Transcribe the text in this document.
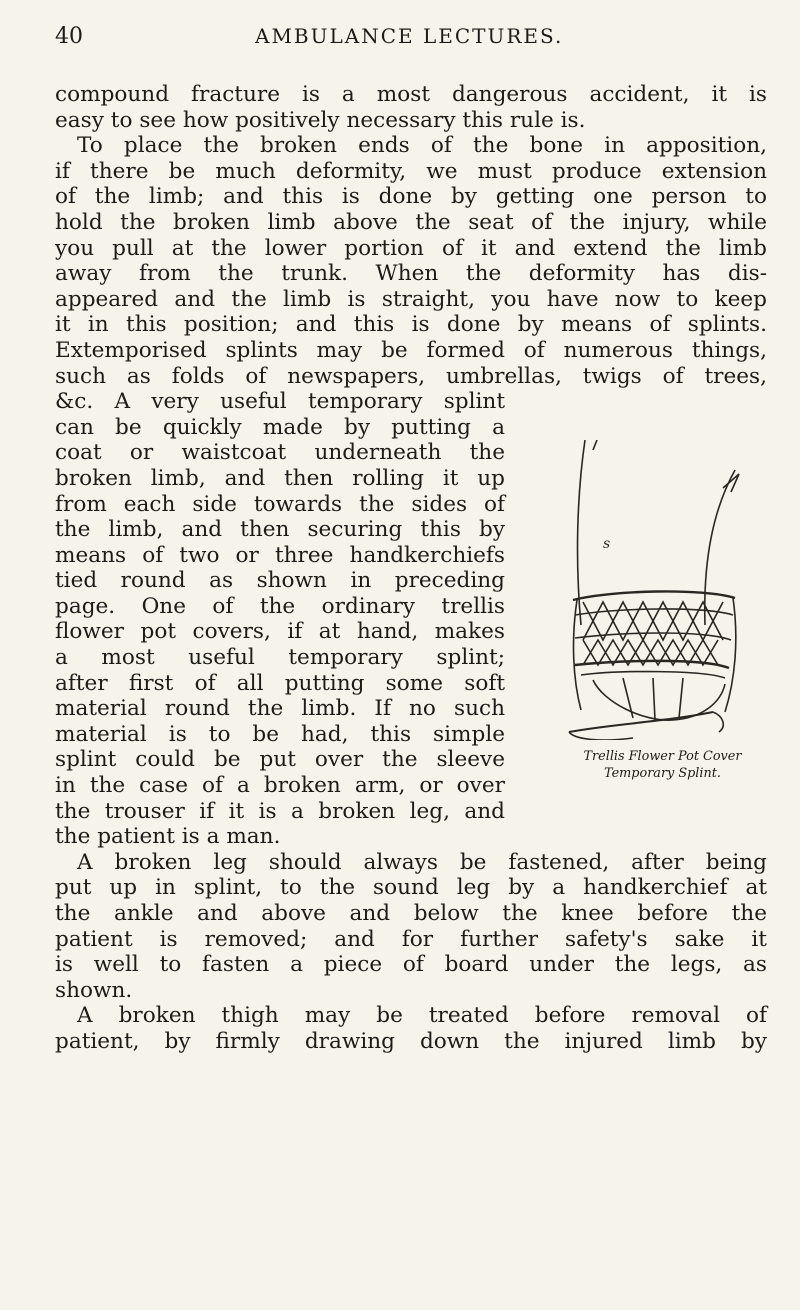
40	AMBULANCE LECTURES.
compound fracture is a most dangerous accident, it is
easy to see how positively necessary this rule is.
To place the broken ends of the bone in apposition,
if there be much deformity, we must produce extension
of the limb; and this is done by getting one person to
hold the broken limb above the seat of the injury, while
you pull at the lower portion of it and extend the limb
away from the trunk. When the deformity has dis-
appeared and the limb is straight, you have now to keep
it in this position; and this is done by means of splints.
Extemporised splints may be formed of numerous things,
such as folds of newspapers, umbrellas, twigs of trees,
&c. A very useful temporary splint
can be quickly made by putting a
coat or waistcoat underneath the
broken limb, and then rolling it up
from each side towards the sides of
the limb, and then securing this by
means of two or three handkerchiefs
tied round as shown in preceding
page. One of the ordinary trellis
flower pot covers, if at hand, makes
a most useful temporary splint;
after first of all putting some soft
material round the limb. If no such
material is to be had, this simple
splint could be put over the sleeve
in the case of a broken arm, or over
the trouser if it is a broken leg, and
the patient is a man.
A broken leg should always be fastened, after being
put up in splint, to the sound leg by a handkerchief at
the ankle and above and below the knee before the
patient is removed; and for further safety's sake it
is well to fasten a piece of board under the legs, as
shown.
A broken thigh may be treated before removal of
patient, by firmly drawing down the injured limb by
s
Trellis Flower Pot Cover
Temporary Splint.
